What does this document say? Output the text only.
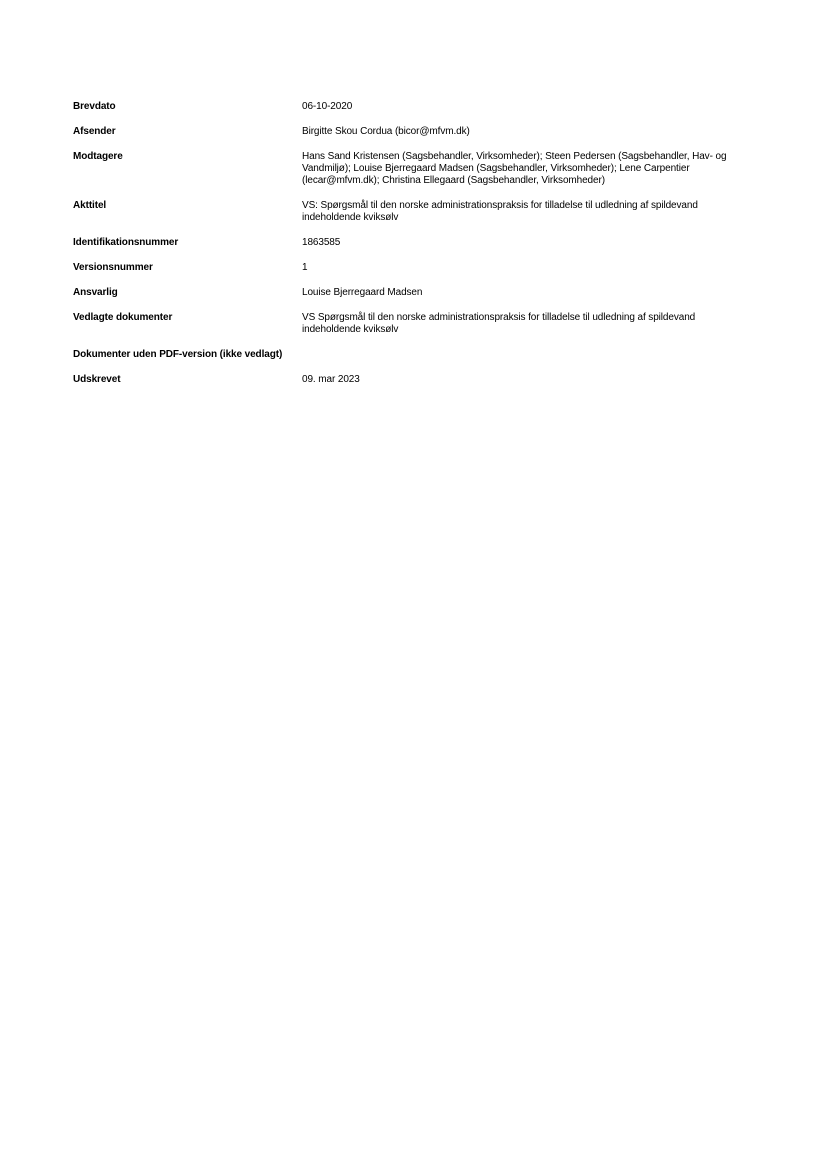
Brevdato	06-10-2020
Afsender	Birgitte Skou Cordua (bicor@mfvm.dk)
Modtagere	Hans Sand Kristensen (Sagsbehandler, Virksomheder); Steen Pedersen (Sagsbehandler, Hav- og Vandmiljø); Louise Bjerregaard Madsen (Sagsbehandler, Virksomheder); Lene Carpentier (lecar@mfvm.dk); Christina Ellegaard (Sagsbehandler, Virksomheder)
Akttitel	VS: Spørgsmål til den norske administrationspraksis for tilladelse til udledning af spildevand indeholdende kviksølv
Identifikationsnummer	1863585
Versionsnummer	1
Ansvarlig	Louise Bjerregaard Madsen
Vedlagte dokumenter	VS Spørgsmål til den norske administrationspraksis for tilladelse til udledning af spildevand indeholdende kviksølv
Dokumenter uden PDF-version (ikke vedlagt)
Udskrevet	09. mar 2023
